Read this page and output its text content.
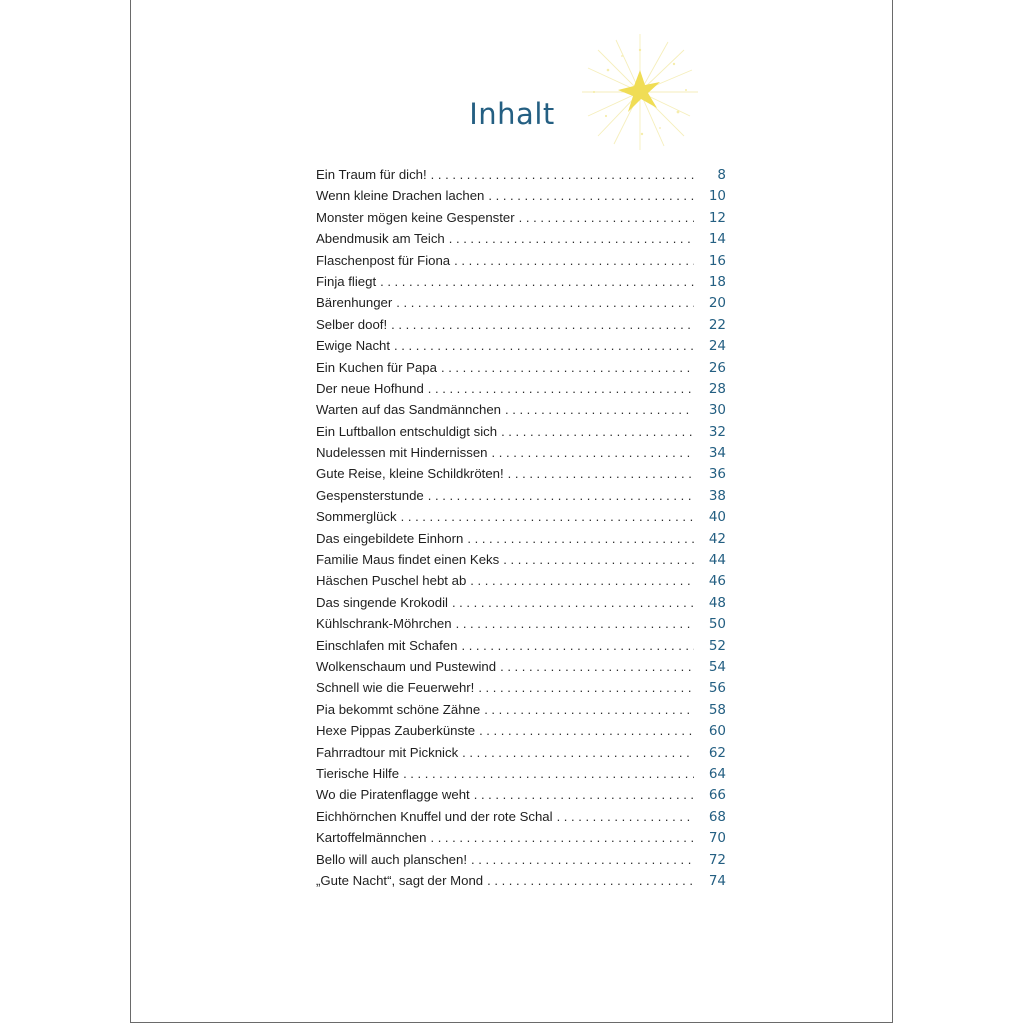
Inhalt
Ein Traum für dich! . . .	8
Wenn kleine Drachen lachen . . .	10
Monster mögen keine Gespenster . . .	12
Abendmusik am Teich . . .	14
Flaschenpost für Fiona . . .	16
Finja fliegt . . .	18
Bärenhunger . . .	20
Selber doof! . . .	22
Ewige Nacht . . .	24
Ein Kuchen für Papa . . .	26
Der neue Hofhund . . .	28
Warten auf das Sandmännchen . . .	30
Ein Luftballon entschuldigt sich . . .	32
Nudelessen mit Hindernissen . . .	34
Gute Reise, kleine Schildkröten! . . .	36
Gespensterstunde . . .	38
Sommerglück . . .	40
Das eingebildete Einhorn . . .	42
Familie Maus findet einen Keks . . .	44
Häschen Puschel hebt ab . . .	46
Das singende Krokodil . . .	48
Kühlschrank-Möhrchen . . .	50
Einschlafen mit Schafen . . .	52
Wolkenschaum und Pustewind . . .	54
Schnell wie die Feuerwehr! . . .	56
Pia bekommt schöne Zähne . . .	58
Hexe Pippas Zauberkünste . . .	60
Fahrradtour mit Picknick . . .	62
Tierische Hilfe . . .	64
Wo die Piratenflagge weht . . .	66
Eichhörnchen Knuffel und der rote Schal . . .	68
Kartoffelmännchen . . .	70
Bello will auch planschen! . . .	72
„Gute Nacht“, sagt der Mond . . .	74
